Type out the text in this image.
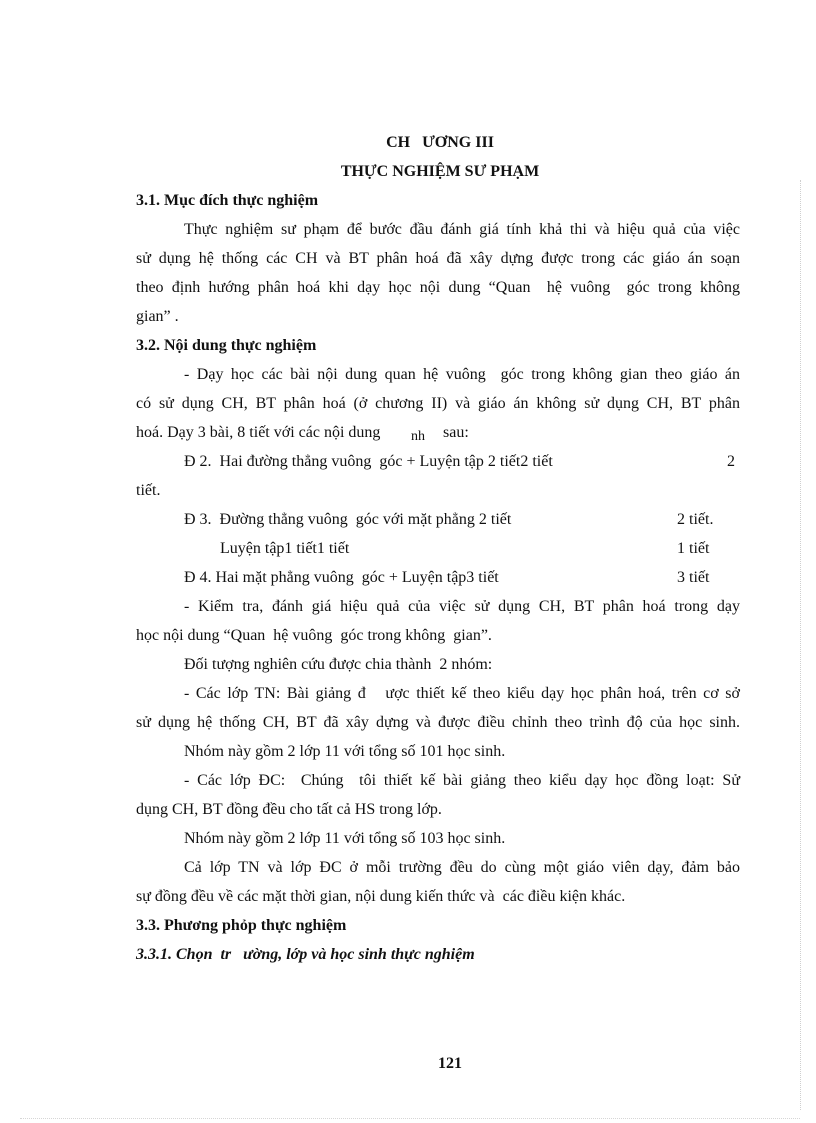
CH   ƯƠNG III
THỰC NGHIỆM SƯ PHẠM
3.1. Mục đích thực nghiệm
Thực nghiệm sư phạm để bước đầu đánh giá tính khả thi và hiệu quả của việc
sử dụng hệ thống các CH và BT phân hoá đã xây dựng được trong các giáo án soạn
theo định hướng phân hoá khi dạy học nội dung “Quan  hệ vuông  góc trong không
gian” .
3.2. Nội dung thực nghiệm
- Dạy học các bài nội dung quan hệ vuông  góc trong không gian theo giáo án
có sử dụng CH, BT phân hoá (ở chương II) và giáo án không sử dụng CH, BT phân
hoá. Dạy 3 bài, 8 tiết với các nội dung nh sau:
Đ 2.  Hai đường thẳng vuông  góc + Luyện tập 2 tiết2 tiết	2
tiết.
Đ 3.  Đường thẳng vuông  góc với mặt phẳng 2 tiết	2 tiết.
Luyện tập1 tiết1 tiết	1 tiết
Đ 4. Hai mặt phẳng vuông  góc + Luyện tập3 tiết	3 tiết
- Kiểm tra, đánh giá hiệu quả của việc sử dụng CH, BT phân hoá trong dạy
học nội dung “Quan  hệ vuông  góc trong không  gian”.
Đối tượng nghiên cứu được chia thành  2 nhóm:
- Các lớp TN: Bài giảng đ   ược thiết kế theo kiểu dạy học phân hoá, trên cơ sở
sử dụng hệ thống CH, BT đã xây dựng và được điều chỉnh theo trình độ của học sinh.
Nhóm này gồm 2 lớp 11 với tổng số 101 học sinh.
- Các lớp ĐC:  Chúng  tôi thiết kế bài giảng theo kiểu dạy học đồng loạt: Sử
dụng CH, BT đồng đều cho tất cả HS trong lớp.
Nhóm này gồm 2 lớp 11 với tổng số 103 học sinh.
Cả lớp TN và lớp ĐC ở mỗi trường đều do cùng một giáo viên dạy, đảm bảo
sự đồng đều về các mặt thời gian, nội dung kiến thức và  các điều kiện khác.
3.3. Phương phỏp thực nghiệm
3.3.1. Chọn  tr   ường, lớp và học sinh thực nghiệm
121
